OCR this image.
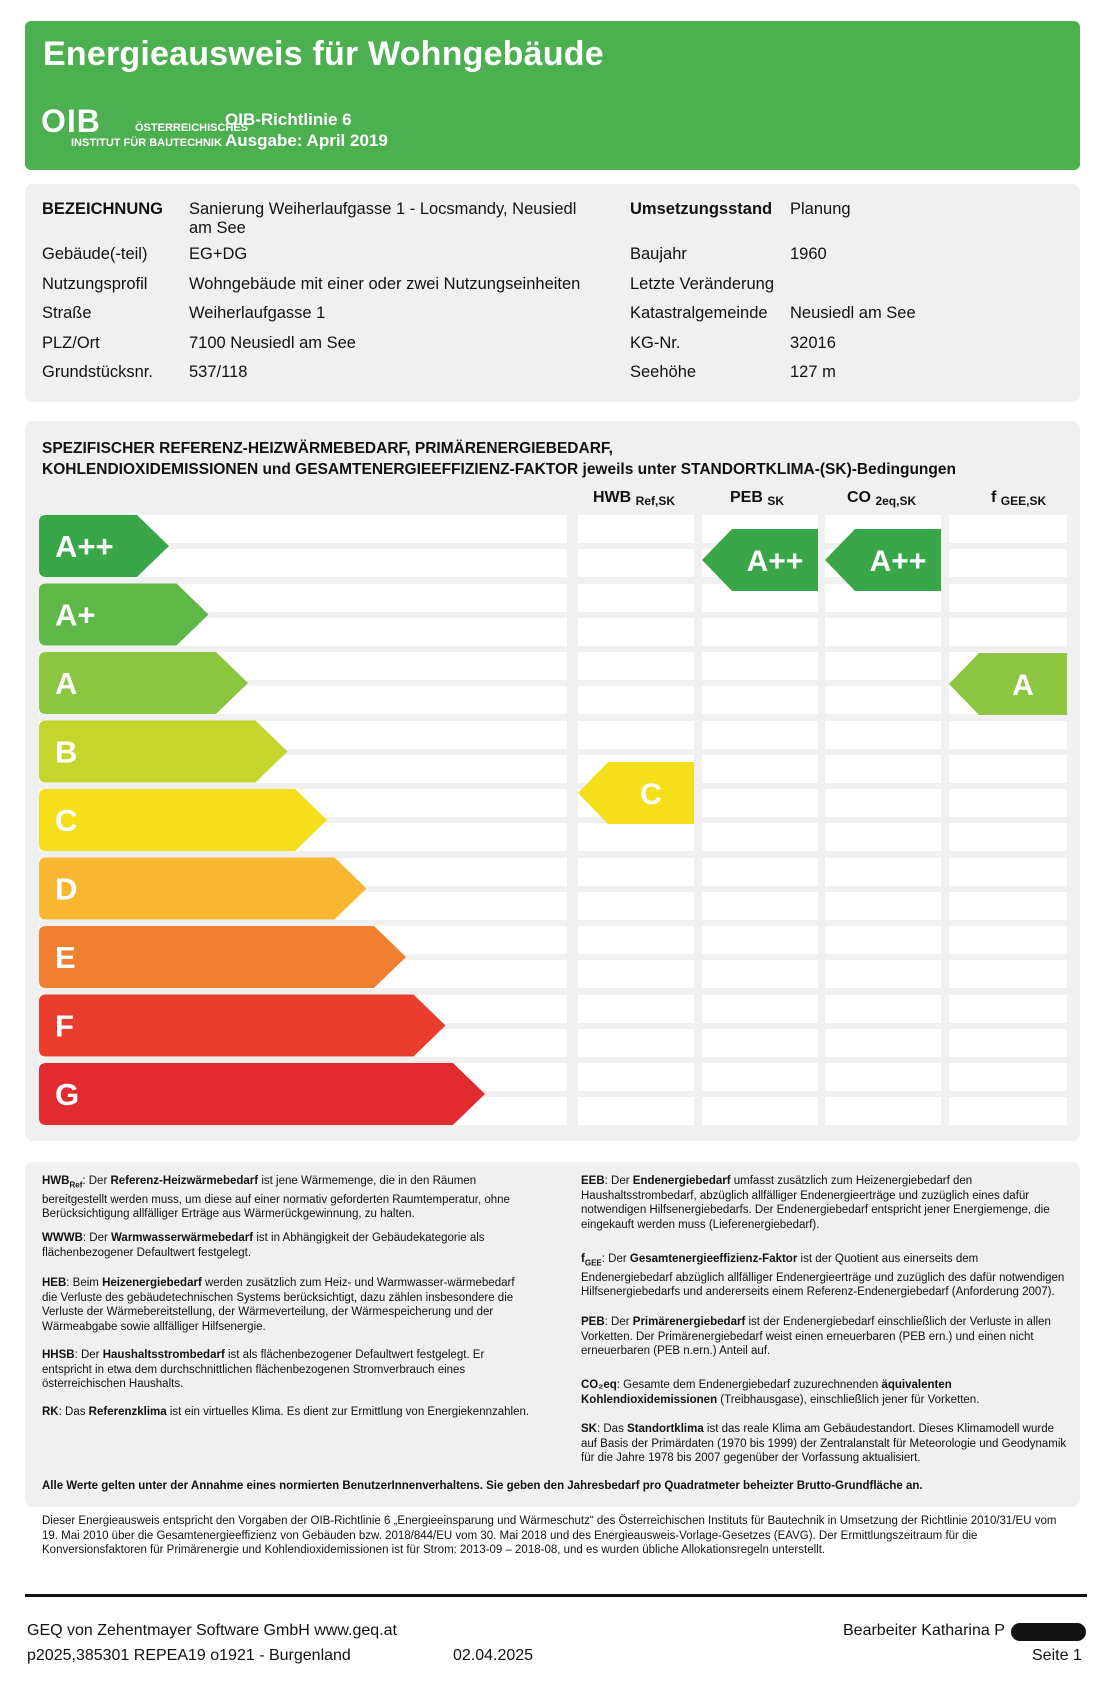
Energieausweis für Wohngebäude
OIB	ÖSTERREICHISCHES
INSTITUT FÜR BAUTECHNIK
OIB-Richtlinie 6
Ausgabe: April 2019
BEZEICHNUNG Sanierung Weiherlaufgasse 1 - Locsmandy, Neusiedl am See
Gebäude(-teil)	EG+DG
Nutzungsprofil	Wohngebäude mit einer oder zwei Nutzungseinheiten
Straße	Weiherlaufgasse 1
PLZ/Ort	7100 Neusiedl am See
Grundstücksnr. 537/118
Umsetzungsstand Planung
Baujahr	1960
Letzte Veränderung
Katastralgemeinde Neusiedl am See
KG-Nr.	32016
Seehöhe	127 m
SPEZIFISCHER REFERENZ-HEIZWÄRMEBEDARF, PRIMÄRENERGIEBEDARF,
KOHLENDIOXIDEMISSIONEN und GESAMTENERGIEEFFIZIENZ-FAKTOR jeweils unter STANDORTKLIMA-(SK)-Bedingungen
HWB $_{Ref,SK}$	PEB $_{SK}$	CO $_{2eq,SK}$	f $_{GEE,SK}$
A++
A+
A
B
C
D
E
F
G
C
A++ A++
A
$HWB_{Ref}$: Der Referenz-Heizwärmebedarf ist jene Wärmemenge, die in den Räumen bereitgestellt werden muss, um diese auf einer normativ geforderten Raumtemperatur, ohne Berücksichtigung allfälliger Erträge aus Wärmerückgewinnung, zu halten.
WWWB: Der Warmwasserwärmebedarf ist in Abhängigkeit der Gebäudekategorie als flächenbezogener Defaultwert festgelegt.
HEB: Beim Heizenergiebedarf werden zusätzlich zum Heiz- und Warmwasser-wärmebedarf die Verluste des gebäudetechnischen Systems berücksichtigt, dazu zählen insbesondere die Verluste der Wärmebereitstellung, der Wärmeverteilung, der Wärmespeicherung und der Wärmeabgabe sowie allfälliger Hilfsenergie.
HHSB: Der Haushaltsstrombedarf ist als flächenbezogener Defaultwert festgelegt. Er entspricht in etwa dem durchschnittlichen flächenbezogenen Stromverbrauch eines österreichischen Haushalts.
RK: Das Referenzklima ist ein virtuelles Klima. Es dient zur Ermittlung von Energiekennzahlen.
EEB: Der Endenergiebedarf umfasst zusätzlich zum Heizenergiebedarf den Haushaltsstrombedarf, abzüglich allfälliger Endenergieerträge und zuzüglich eines dafür notwendigen Hilfsenergiebedarfs. Der Endenergiebedarf entspricht jener Energiemenge, die eingekauft werden muss (Lieferenergiebedarf).
$f_{GEE}$: Der Gesamtenergieeffizienz-Faktor ist der Quotient aus einerseits dem Endenergiebedarf abzüglich allfälliger Endenergieerträge und zuzüglich des dafür notwendigen Hilfsenergiebedarfs und andererseits einem Referenz-Endenergiebedarf (Anforderung 2007).
PEB: Der Primärenergiebedarf ist der Endenergiebedarf einschließlich der Verluste in allen Vorketten. Der Primärenergiebedarf weist einen erneuerbaren (PEB ern.) und einen nicht erneuerbaren (PEB n.ern.) Anteil auf.
CO₂eq: Gesamte dem Endenergiebedarf zuzurechnenden äquivalenten Kohlendioxidemissionen (Treibhausgase), einschließlich jener für Vorketten.
SK: Das Standortklima ist das reale Klima am Gebäudestandort. Dieses Klimamodell wurde auf Basis der Primärdaten (1970 bis 1999) der Zentralanstalt für Meteorologie und Geodynamik für die Jahre 1978 bis 2007 gegenüber der Vorfassung aktualisiert.
Alle Werte gelten unter der Annahme eines normierten BenutzerInnenverhaltens. Sie geben den Jahresbedarf pro Quadratmeter beheizter Brutto-Grundfläche an.
Dieser Energieausweis entspricht den Vorgaben der OIB-Richtlinie 6 „Energieeinsparung und Wärmeschutz“ des Österreichischen Instituts für Bautechnik in Umsetzung der Richtlinie 2010/31/EU vom 19. Mai 2010 über die Gesamtenergieeffizienz von Gebäuden bzw. 2018/844/EU vom 30. Mai 2018 und des Energieausweis-Vorlage-Gesetzes (EAVG). Der Ermittlungszeitraum für die Konversionsfaktoren für Primärenergie und Kohlendioxidemissionen ist für Strom: 2013-09 – 2018-08, und es wurden übliche Allokationsregeln unterstellt.
GEQ von Zehentmayer Software GmbH www.geq.at
p2025,385301 REPEA19 o1921 - Burgenland	02.04.2025
Bearbeiter Katharina P
Seite 1
